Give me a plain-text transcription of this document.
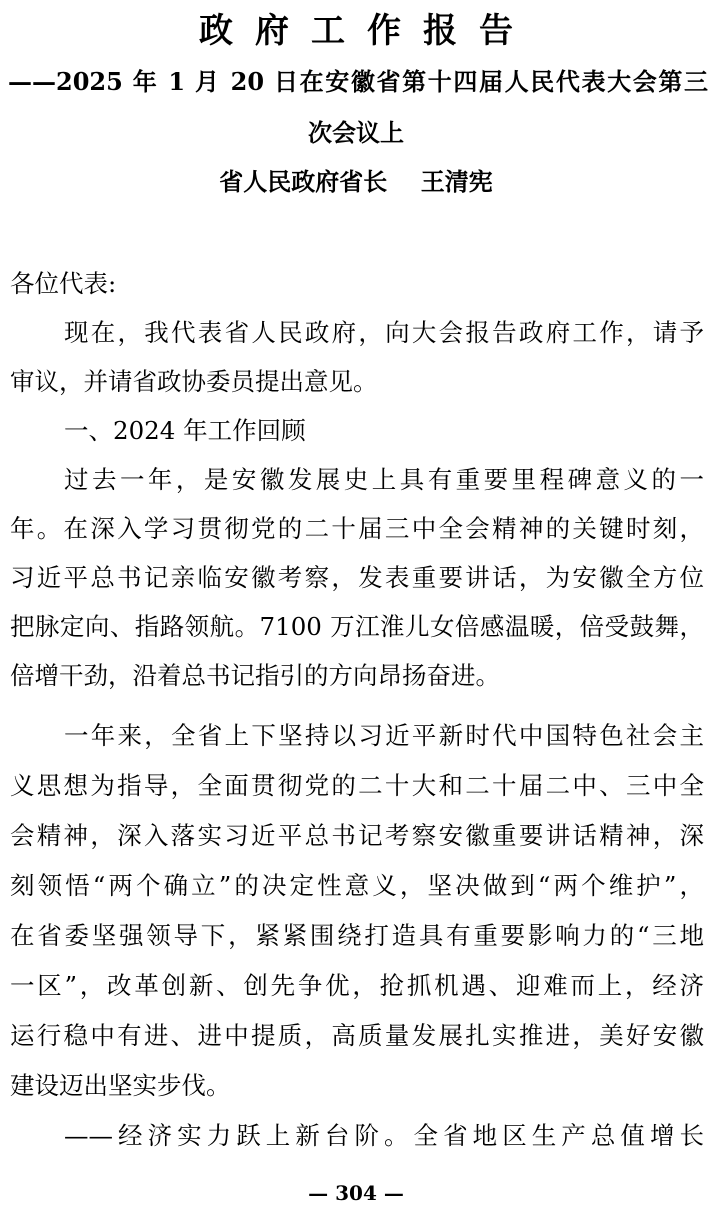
政府工作报告
——2025 年 1 月 20 日在安徽省第十四届人民代表大会第三
次会议上
省人民政府省长    王清宪
各位代表:
现在，我代表省人民政府，向大会报告政府工作，请予
审议，并请省政协委员提出意见。
一、2024 年工作回顾
过去一年，是安徽发展史上具有重要里程碑意义的一
年。在深入学习贯彻党的二十届三中全会精神的关键时刻，
习近平总书记亲临安徽考察，发表重要讲话，为安徽全方位
把脉定向、指路领航。7100 万江淮儿女倍感温暖，倍受鼓舞，
倍增干劲，沿着总书记指引的方向昂扬奋进。
一年来，全省上下坚持以习近平新时代中国特色社会主
义思想为指导，全面贯彻党的二十大和二十届二中、三中全
会精神，深入落实习近平总书记考察安徽重要讲话精神，深
刻领悟“两个确立”的决定性意义，坚决做到“两个维护”，
在省委坚强领导下，紧紧围绕打造具有重要影响力的“三地
一区”，改革创新、创先争优，抢抓机遇、迎难而上，经济
运行稳中有进、进中提质，高质量发展扎实推进，美好安徽
建设迈出坚实步伐。
——经济实力跃上新台阶。全省地区生产总值增长
— 304 —
